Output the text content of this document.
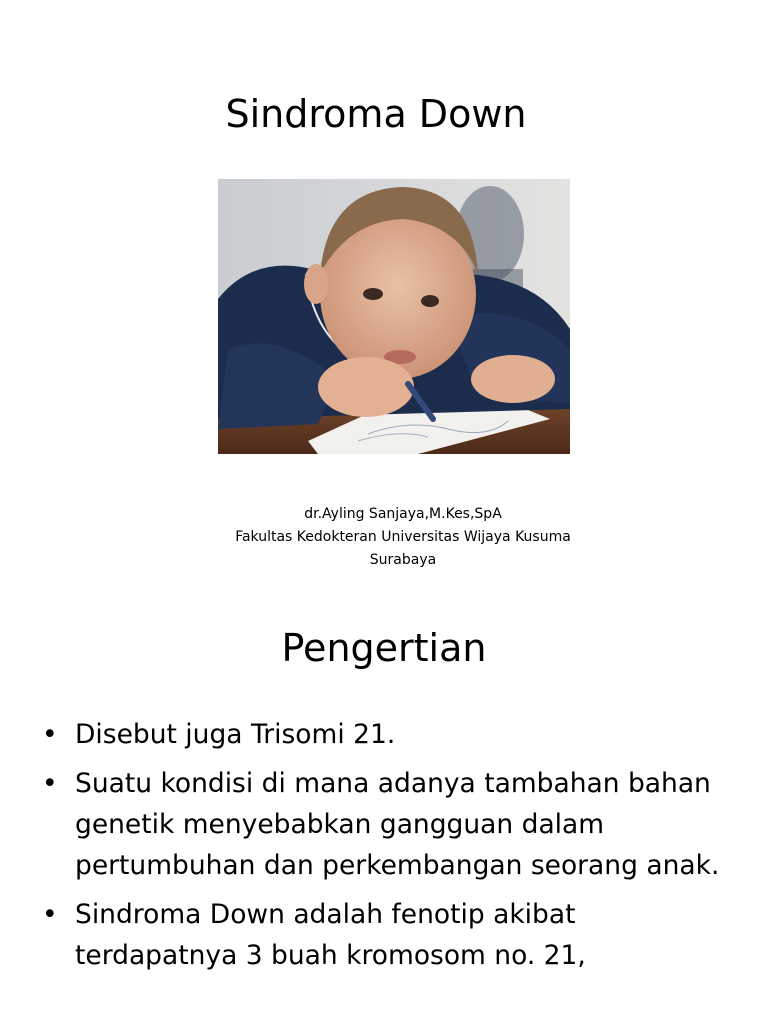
Sindroma Down
dr.Ayling Sanjaya,M.Kes,SpA
Fakultas Kedokteran Universitas Wijaya Kusuma
Surabaya
Pengertian
• Disebut juga Trisomi 21.
• Suatu kondisi di mana adanya tambahan bahan genetik menyebabkan gangguan dalam pertumbuhan dan perkembangan seorang anak.
• Sindroma Down adalah fenotip akibat terdapatnya 3 buah kromosom no. 21,
